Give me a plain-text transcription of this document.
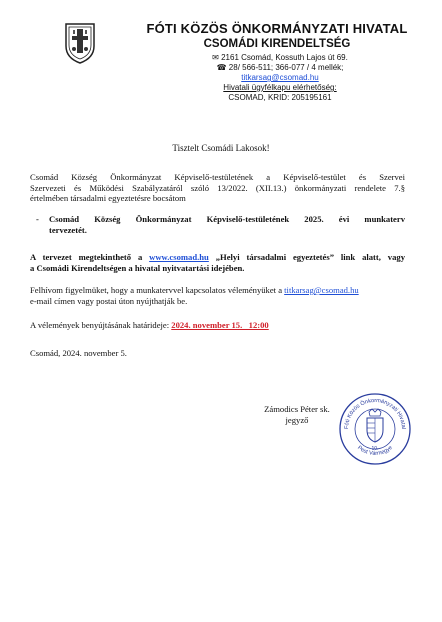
FÓTI KÖZÖS ÖNKORMÁNYZATI HIVATAL
CSOMÁDI KIRENDELTSÉG
✉ 2161 Csomád, Kossuth Lajos út 69.
☎ 28/ 566-511; 366-077 / 4 mellék;
titkarsag@csomad.hu
Hivatali ügyfélkapu elérhetőség:
CSOMAD, KRID: 205195161
Tisztelt Csomádi Lakosok!
Csomád Község Önkormányzat Képviselő-testületének a Képviselő-testület és Szervei
Szervezeti és Működési Szabályzatáról szóló 13/2022. (XII.13.) önkormányzati rendelete 7.§
értelmében társadalmi egyeztetésre bocsátom
- Csomád Község Önkormányzat Képviselő-testületének 2025. évi munkaterv
tervezetét.
A tervezet megtekinthető a www.csomad.hu „Helyi társadalmi egyeztetés” link alatt, vagy
a Csomádi Kirendeltségen a hivatal nyitvatartási idejében.
Felhívom figyelmüket, hogy a munkatervvel kapcsolatos véleményüket a titkarsag@csomad.hu
e-mail címen vagy postai úton nyújthatják be.
A vélemények benyújtásának határideje: 2024. november 15.   12:00
Csomád, 2024. november 5.
Zámodics Péter sk.
jegyző
Fóti Közös Önkormányzati Hivatal
Pest Vármegye
10.
